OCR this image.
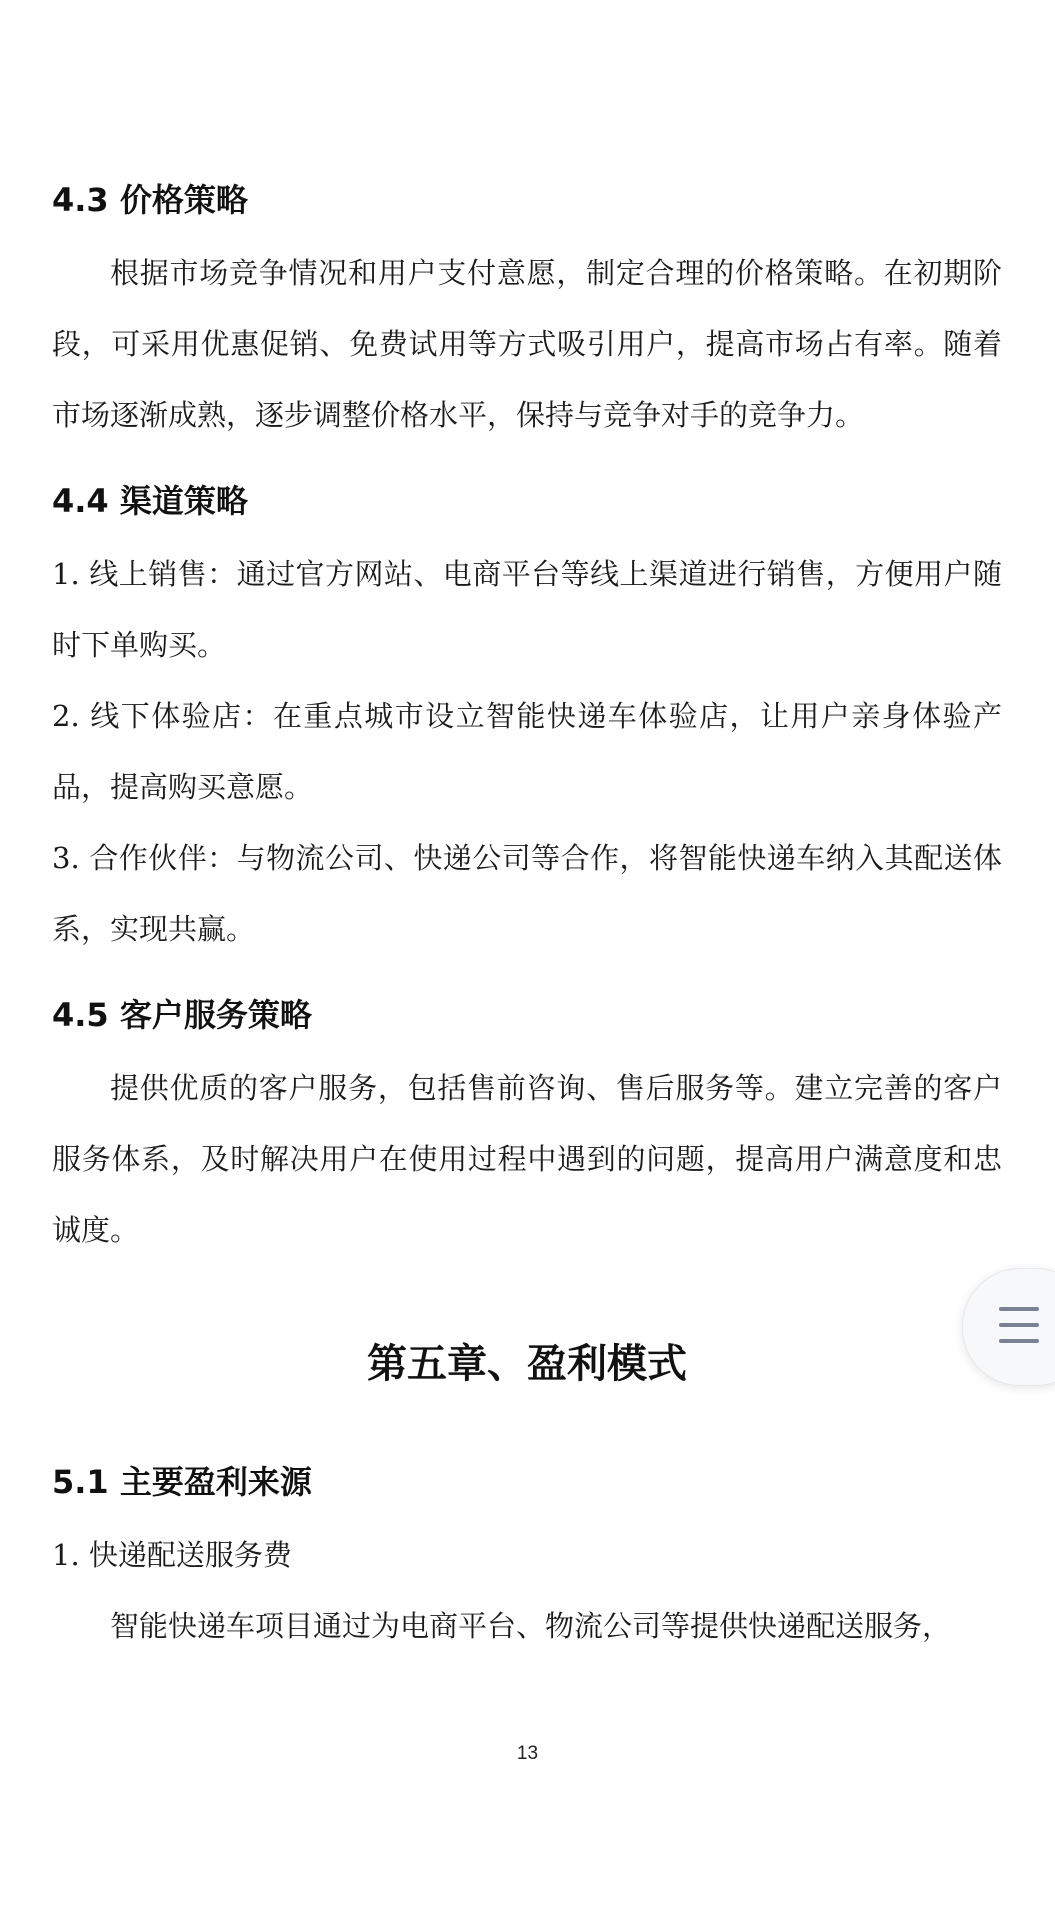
4.3 价格策略

根据市场竞争情况和用户支付意愿，制定合理的价格策略。在初期阶段，可采用优惠促销、免费试用等方式吸引用户，提高市场占有率。随着市场逐渐成熟，逐步调整价格水平，保持与竞争对手的竞争力。

4.4 渠道策略

1. 线上销售：通过官方网站、电商平台等线上渠道进行销售，方便用户随时下单购买。

2. 线下体验店：在重点城市设立智能快递车体验店，让用户亲身体验产品，提高购买意愿。

3. 合作伙伴：与物流公司、快递公司等合作，将智能快递车纳入其配送体系，实现共赢。

4.5 客户服务策略

提供优质的客户服务，包括售前咨询、售后服务等。建立完善的客户服务体系，及时解决用户在使用过程中遇到的问题，提高用户满意度和忠诚度。

第五章、盈利模式
5.1 主要盈利来源

1. 快递配送服务费

智能快递车项目通过为电商平台、物流公司等提供快递配送服务，

13
